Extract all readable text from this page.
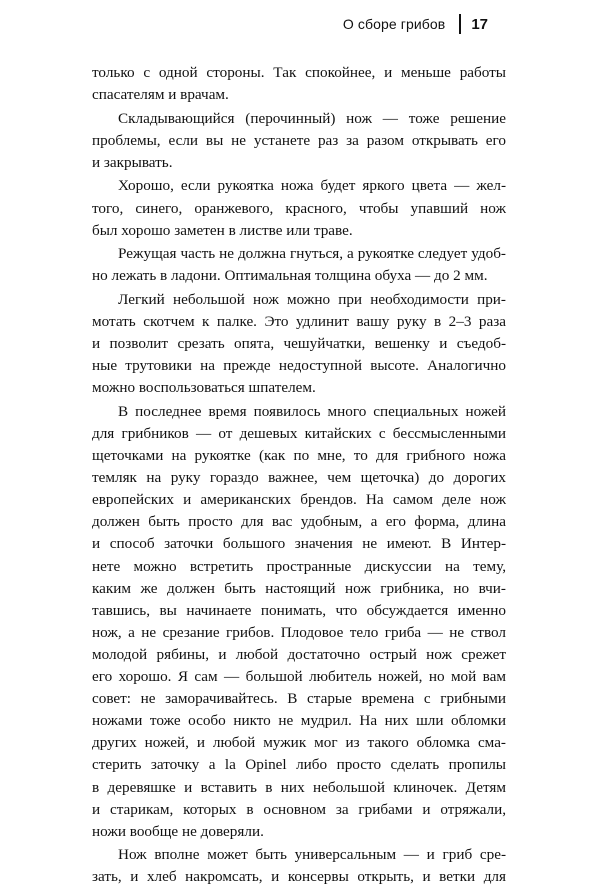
О сборе грибов 17
только с одной стороны. Так спокойнее, и меньше работы
спасателям и врачам.
Складывающийся (перочинный) нож — тоже решение
проблемы, если вы не устанете раз за разом открывать его
и закрывать.
Хорошо, если рукоятка ножа будет яркого цвета — жел-
того, синего, оранжевого, красного, чтобы упавший нож
был хорошо заметен в листве или траве.
Режущая часть не должна гнуться, а рукоятке следует удоб-
но лежать в ладони. Оптимальная толщина обуха — до 2 мм.
Легкий небольшой нож можно при необходимости при-
мотать скотчем к палке. Это удлинит вашу руку в 2–3 раза
и позволит срезать опята, чешуйчатки, вешенку и съедоб-
ные трутовики на прежде недоступной высоте. Аналогично
можно воспользоваться шпателем.
В последнее время появилось много специальных ножей
для грибников — от дешевых китайских с бессмысленными
щеточками на рукоятке (как по мне, то для грибного ножа
темляк на руку гораздо важнее, чем щеточка) до дорогих
европейских и американских брендов. На самом деле нож
должен быть просто для вас удобным, а его форма, длина
и способ заточки большого значения не имеют. В Интер-
нете можно встретить пространные дискуссии на тему,
каким же должен быть настоящий нож грибника, но вчи-
тавшись, вы начинаете понимать, что обсуждается именно
нож, а не срезание грибов. Плодовое тело гриба — не ствол
молодой рябины, и любой достаточно острый нож срежет
его хорошо. Я сам — большой любитель ножей, но мой вам
совет: не заморачивайтесь. В старые времена с грибными
ножами тоже особо никто не мудрил. На них шли обломки
других ножей, и любой мужик мог из такого обломка сма-
стерить заточку а la Opinel либо просто сделать пропилы
в деревяшке и вставить в них небольшой клиночек. Детям
и старикам, которых в основном за грибами и отряжали,
ножи вообще не доверяли.
Нож вполне может быть универсальным — и гриб сре-
зать, и хлеб накромсать, и консервы открыть, и ветки для
